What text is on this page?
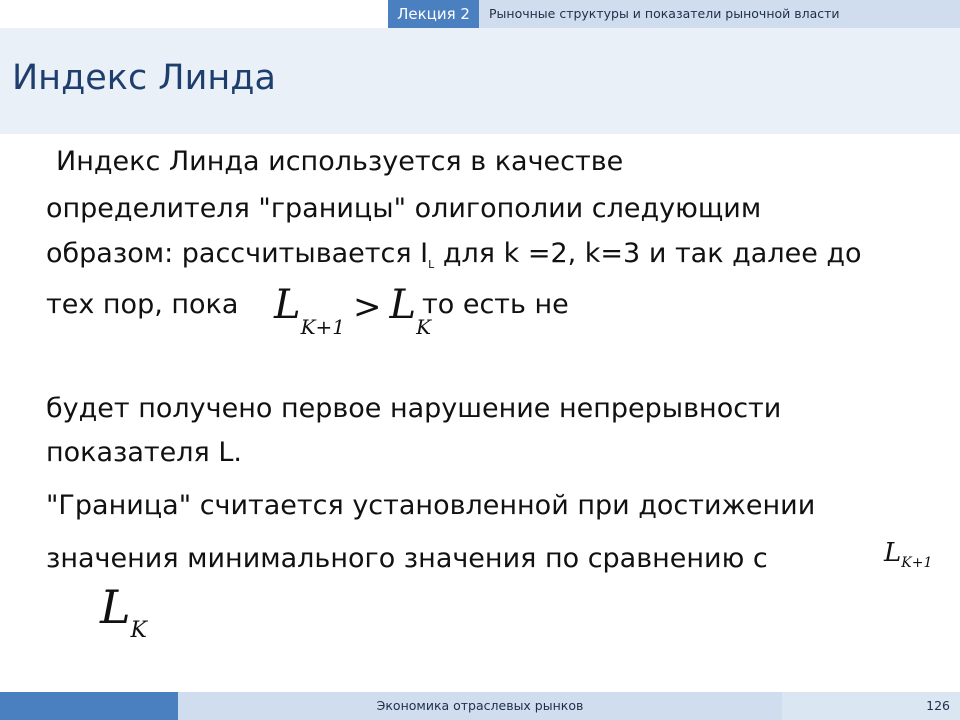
Лекция 2	Рыночные структуры и показатели рыночной власти
Индекс Линда

Индекс Линда используется в качестве

определителя "границы" олигополии следующим

образом: рассчитывается $I_L$ для k =2, k=3 и так далее до

тех пор, пока	то есть не

LK+1 > LK

будет получено первое нарушение непрерывности

показателя L.

"Граница" считается установленной при достижении

значения минимального значения по сравнению с	LK+1
LK
Экономика отраслевых рынков	126
